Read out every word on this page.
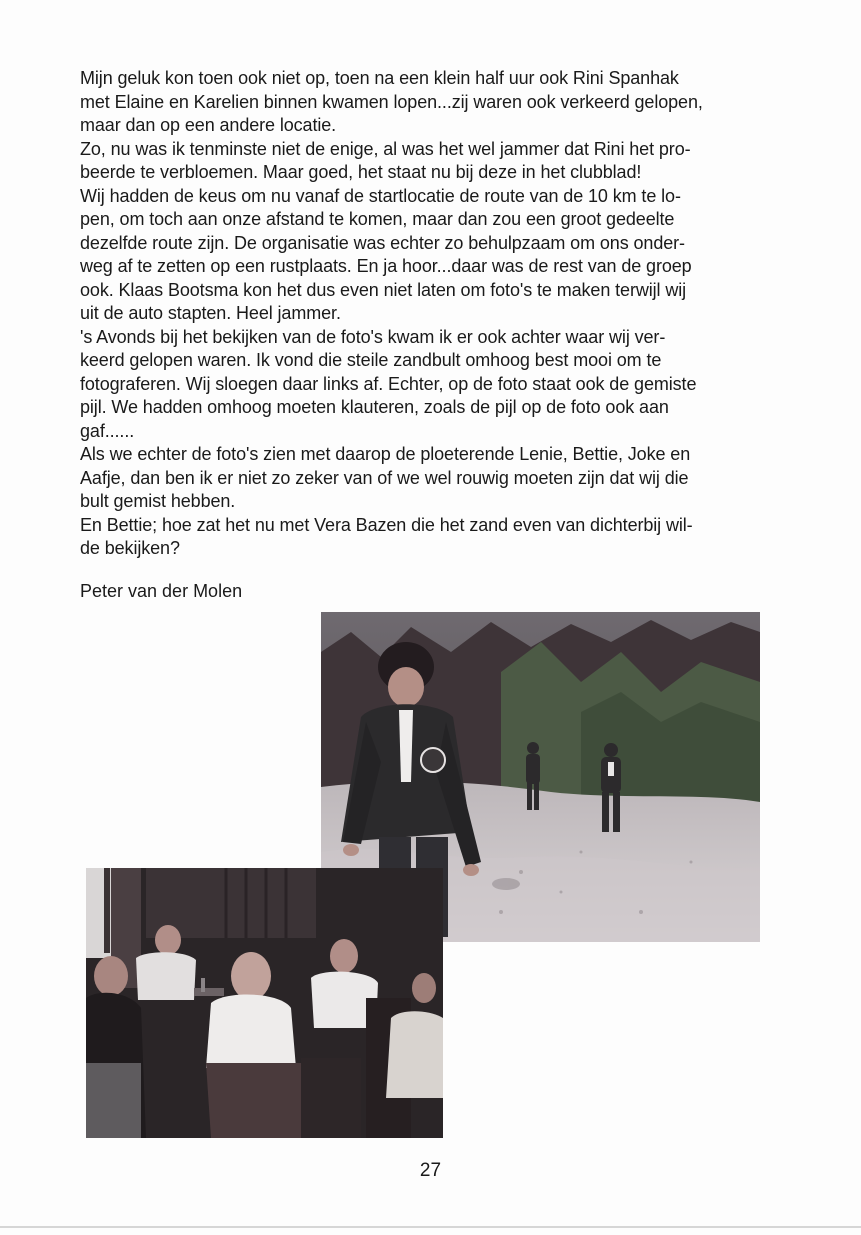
Mijn geluk kon toen ook niet op, toen na een klein half uur ook Rini Spanhak
met Elaine en Karelien binnen kwamen lopen...zij waren ook verkeerd gelopen,
maar dan op een andere locatie.
Zo, nu was ik tenminste niet de enige, al was het wel jammer dat Rini het pro-
beerde te verbloemen. Maar goed, het staat nu bij deze in het clubblad!
Wij hadden de keus om nu vanaf de startlocatie de route van de 10 km te lo-
pen, om toch aan onze afstand te komen, maar dan zou een groot gedeelte
dezelfde route zijn. De organisatie was echter zo behulpzaam om ons onder-
weg af te zetten op een rustplaats. En ja hoor...daar was de rest van de groep
ook. Klaas Bootsma kon het dus even niet laten om foto's te maken terwijl wij
uit de auto stapten. Heel jammer.
's Avonds bij het bekijken van de foto's kwam ik er ook achter waar wij ver-
keerd gelopen waren. Ik vond die steile zandbult omhoog best mooi om te
fotograferen. Wij sloegen daar links af. Echter, op de foto staat ook de gemiste
pijl. We hadden omhoog moeten klauteren, zoals de pijl op de foto ook aan
gaf......
Als we echter de foto's zien met daarop de ploeterende Lenie, Bettie, Joke en
Aafje, dan ben ik er niet zo zeker van of we wel rouwig moeten zijn dat wij die
bult gemist hebben.
En Bettie; hoe zat het nu met Vera Bazen die het zand even van dichterbij wil-
de bekijken?
Peter van der Molen
27
